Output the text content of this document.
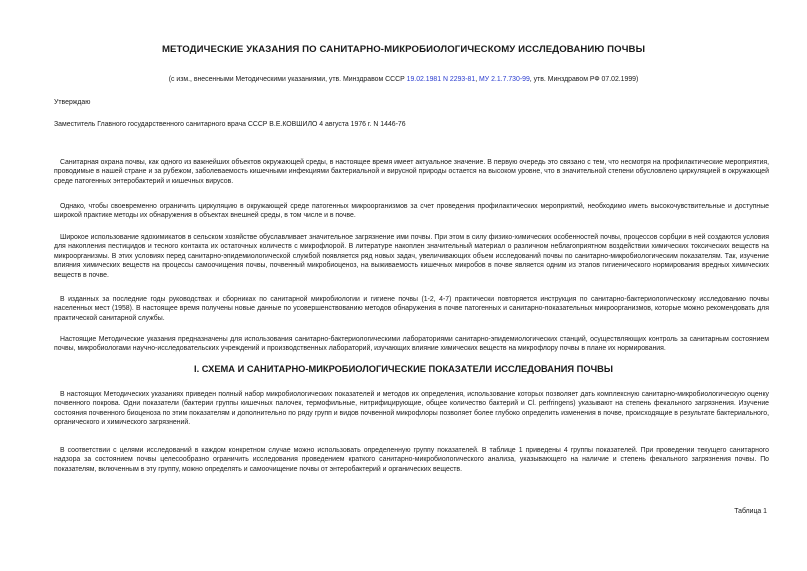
МЕТОДИЧЕСКИЕ УКАЗАНИЯ ПО САНИТАРНО-МИКРОБИОЛОГИЧЕСКОМУ ИССЛЕДОВАНИЮ ПОЧВЫ
(с изм., внесенными Методическими указаниями, утв. Минздравом СССР 19.02.1981 N 2293-81, МУ 2.1.7.730-99, утв. Минздравом РФ 07.02.1999)
Утверждаю
Заместитель Главного государственного санитарного врача СССР В.Е.КОВШИЛО 4 августа 1976 г. N 1446-76
Санитарная охрана почвы, как одного из важнейших объектов окружающей среды, в настоящее время имеет актуальное значение. В первую очередь это связано с тем, что несмотря на профилактические мероприятия, проводимые в нашей стране и за рубежом, заболеваемость кишечными инфекциями бактериальной и вирусной природы остается на высоком уровне, что в значительной степени обусловлено циркуляцией в окружающей среде патогенных энтеробактерий и кишечных вирусов.
Однако, чтобы своевременно ограничить циркуляцию в окружающей среде патогенных микроорганизмов за счет проведения профилактических мероприятий, необходимо иметь высокочувствительные и доступные широкой практике методы их обнаружения в объектах внешней среды, в том числе и в почве.
Широкое использование ядохимикатов в сельском хозяйстве обуславливает значительное загрязнение ими почвы. При этом в силу физико-химических особенностей почвы, процессов сорбции в ней создаются условия для накопления пестицидов и тесного контакта их остаточных количеств с микрофлорой. В литературе накоплен значительный материал о различном неблагоприятном воздействии химических токсических веществ на микроорганизмы. В этих условиях перед санитарно-эпидемиологической службой появляется ряд новых задач, увеличивающих объем исследований почвы по санитарно-микробиологическим показателям. Так, изучение влияния химических веществ на процессы самоочищения почвы, почвенный микробиоценоз, на выживаемость кишечных микробов в почве является одним из этапов гигиенического нормирования вредных химических веществ в почве.
В изданных за последние годы руководствах и сборниках по санитарной микробиологии и гигиене почвы (1-2, 4-7) практически повторяется инструкция по санитарно-бактериологическому исследованию почвы населенных мест (1958). В настоящее время получены новые данные по усовершенствованию методов обнаружения в почве патогенных и санитарно-показательных микроорганизмов, которые можно рекомендовать для практической санитарной службы.
Настоящие Методические указания предназначены для использования санитарно-бактериологическими лабораториями санитарно-эпидемиологических станций, осуществляющих контроль за санитарным состоянием почвы, микробиологами научно-исследовательских учреждений и производственных лабораторий, изучающих влияние химических веществ на микрофлору почвы в плане их нормирования.
I. СХЕМА И САНИТАРНО-МИКРОБИОЛОГИЧЕСКИЕ ПОКАЗАТЕЛИ ИССЛЕДОВАНИЯ ПОЧВЫ
В настоящих Методических указаниях приведен полный набор микробиологических показателей и методов их определения, использование которых позволяет дать комплексную санитарно-микробиологическую оценку почвенного покрова. Одни показатели (бактерии группы кишечных палочек, термофильные, нитрифицирующие, общее количество бактерий и Cl. perfringens) указывают на степень фекального загрязнения. Изучение состояния почвенного биоценоза по этим показателям и дополнительно по ряду групп и видов почвенной микрофлоры позволяет более глубоко определить изменения в почве, происходящие в результате бактериального, органического и химического загрязнений.
В соответствии с целями исследований в каждом конкретном случае можно использовать определенную группу показателей. В таблице 1 приведены 4 группы показателей. При проведении текущего санитарного надзора за состоянием почвы целесообразно ограничить исследования проведением краткого санитарно-микробиологического анализа, указывающего на наличие и степень фекального загрязнения почвы. По показателям, включенным в эту группу, можно определять и самоочищение почвы от энтеробактерий и органических веществ.
Таблица 1
